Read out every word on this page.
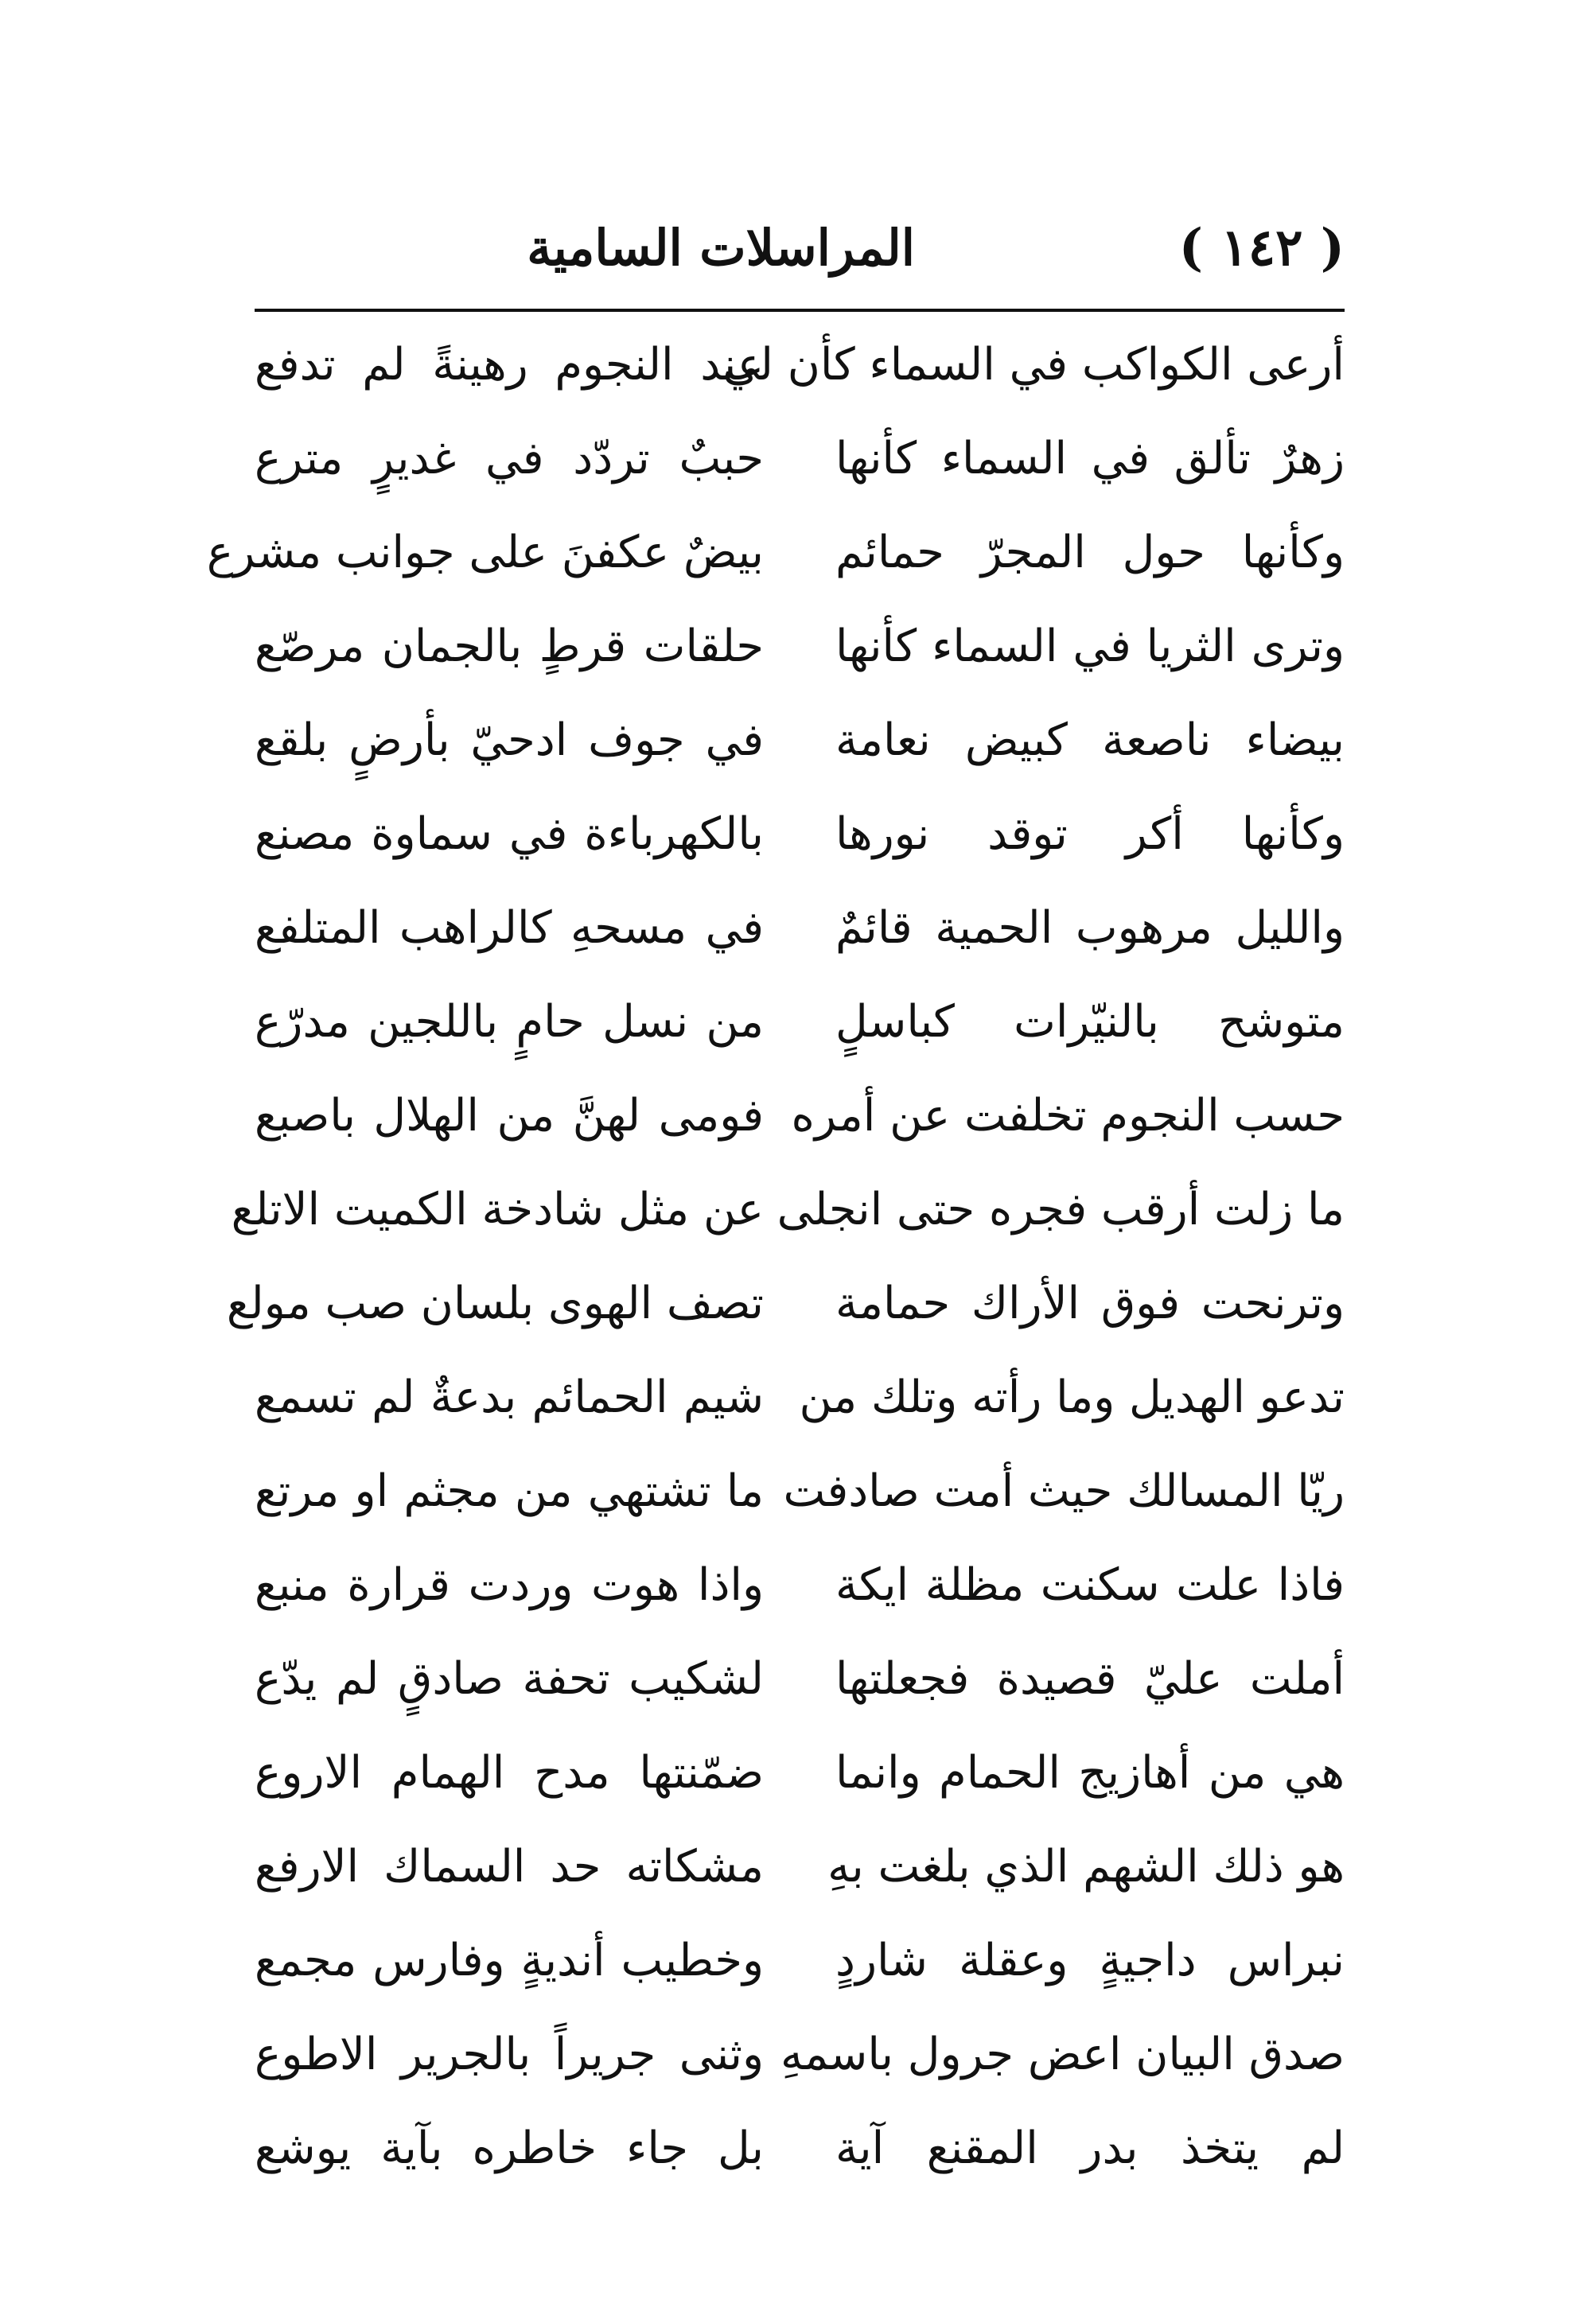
( ١٤٢ )
المراسلات السامية
أرعى الكواكب في السماء كأن لي
عند النجوم رهينةً لم تدفع
زهرٌ تألق في السماء كأنها
حببٌ تردّد في غديرٍ مترع
وكأنها حول المجرّ حمائم
بيضٌ عكفنَ على جوانب مشرع
وترى الثريا في السماء كأنها
حلقات قرطٍ بالجمان مرصّع
بيضاء ناصعة كبيض نعامة
في جوف ادحيّ بأرضٍ بلقع
وكأنها أكر توقد نورها
بالكهرباءة في سماوة مصنع
والليل مرهوب الحمية قائمٌ
في مسحهِ كالراهب المتلفع
متوشح بالنيّرات كباسلٍ
من نسل حامٍ باللجين مدرّع
حسب النجوم تخلفت عن أمره
فومى لهنَّ من الهلال باصبع
ما زلت أرقب فجره حتى انجلى
عن مثل شادخة الكميت الاتلع
وترنحت فوق الأراك حمامة
تصف الهوى بلسان صب مولع
تدعو الهديل وما رأته وتلك من
شيم الحمائم بدعةٌ لم تسمع
ريّا المسالك حيث أمت صادفت
ما تشتهي من مجثم او مرتع
فاذا علت سكنت مظلة ايكة
واذا هوت وردت قرارة منبع
أملت عليّ قصيدة فجعلتها
لشكيب تحفة صادقٍ لم يدّع
هي من أهازيج الحمام وانما
ضمّنتها مدح الهمام الاروع
هو ذلك الشهم الذي بلغت بهِ
مشكاته حد السماك الارفع
نبراس داجيةٍ وعقلة شاردٍ
وخطيب أنديةٍ وفارس مجمع
صدق البيان اعض جرول باسمهِ
وثنى جريراً بالجرير الاطوع
لم يتخذ بدر المقنع آية
بل جاء خاطره بآية يوشع
